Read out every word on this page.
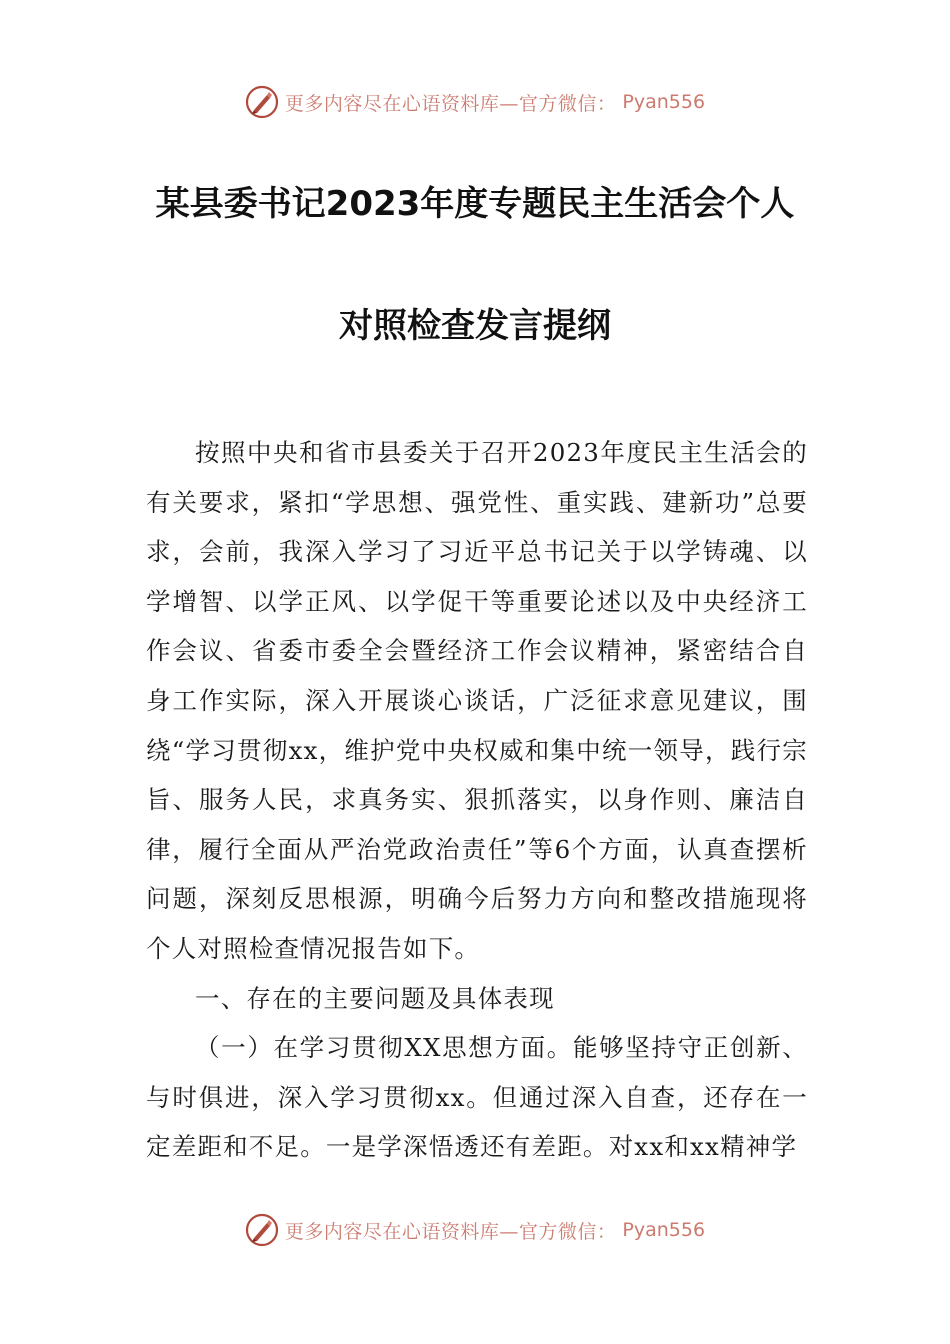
更多内容尽在心语资料库—官方微信： Pyan556
某县委书记2023年度专题民主生活会个人
对照检查发言提纲

按照中央和省市县委关于召开2023年度民主生活会的有关要求，紧扣“学思想、强党性、重实践、建新功”总要求，会前，我深入学习了习近平总书记关于以学铸魂、以学增智、以学正风、以学促干等重要论述以及中央经济工作会议、省委市委全会暨经济工作会议精神，紧密结合自身工作实际，深入开展谈心谈话，广泛征求意见建议，围绕“学习贯彻xx，维护党中央权威和集中统一领导，践行宗旨、服务人民，求真务实、狠抓落实，以身作则、廉洁自律，履行全面从严治党政治责任”等6个方面，认真查摆析问题，深刻反思根源，明确今后努力方向和整改措施现将个人对照检查情况报告如下。

一、存在的主要问题及具体表现

（一）在学习贯彻XX思想方面。能够坚持守正创新、与时俱进，深入学习贯彻xx。但通过深入自查，还存在一定差距和不足。一是学深悟透还有差距。对xx和xx精神学

更多内容尽在心语资料库—官方微信： Pyan556
